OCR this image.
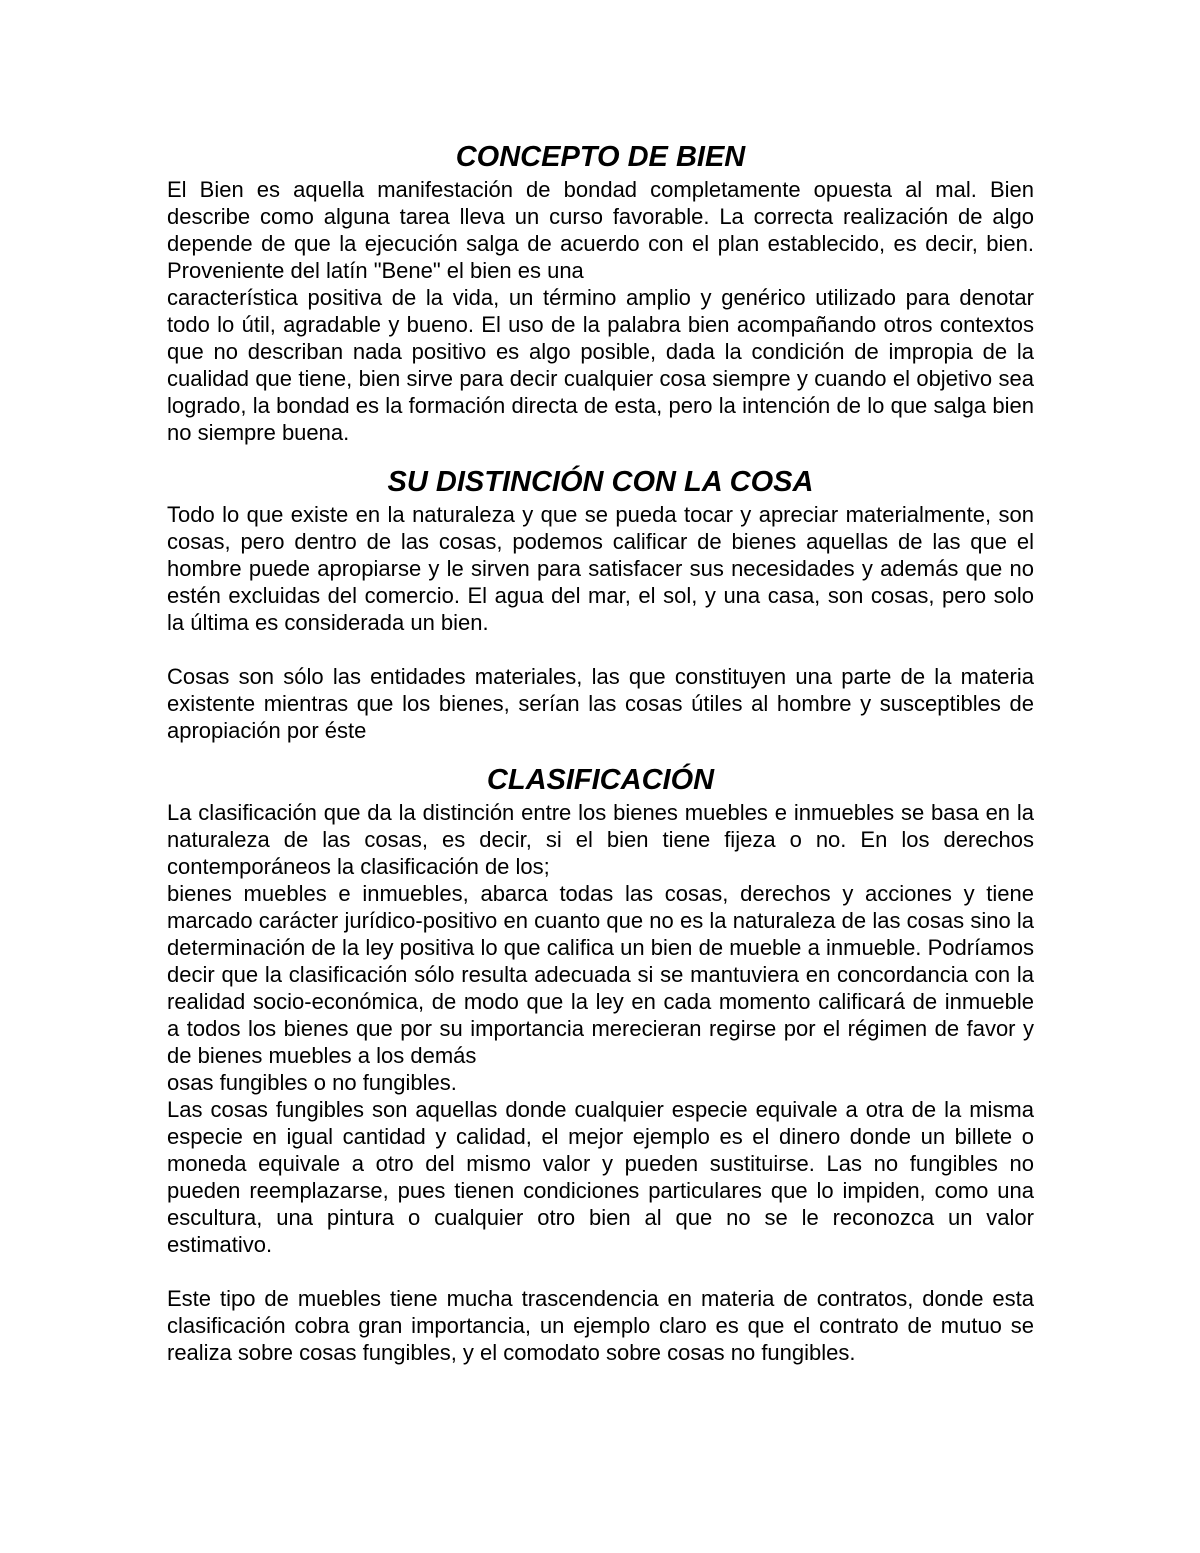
CONCEPTO DE BIEN

El Bien es aquella manifestación de bondad completamente opuesta al mal. Bien describe como alguna tarea lleva un curso favorable. La correcta realización de algo depende de que la ejecución salga de acuerdo con el plan establecido, es decir, bien. Proveniente del latín "Bene" el bien es una

característica positiva de la vida, un término amplio y genérico utilizado para denotar todo lo útil, agradable y bueno. El uso de la palabra bien acompañando otros contextos que no describan nada positivo es algo posible, dada la condición de impropia de la cualidad que tiene, bien sirve para decir cualquier cosa siempre y cuando el objetivo sea logrado, la bondad es la formación directa de esta, pero la intención de lo que salga bien no siempre buena.

SU DISTINCIÓN CON LA COSA

Todo lo que existe en la naturaleza y que se pueda tocar y apreciar materialmente, son cosas, pero dentro de las cosas, podemos calificar de bienes aquellas de las que el hombre puede apropiarse y le sirven para satisfacer sus necesidades y además que no estén excluidas del comercio. El agua del mar, el sol, y una casa, son cosas, pero solo la última es considerada un bien.

Cosas son sólo las entidades materiales, las que constituyen una parte de la materia existente mientras que los bienes, serían las cosas útiles al hombre y susceptibles de apropiación por éste

CLASIFICACIÓN

La clasificación que da la distinción entre los bienes muebles e inmuebles se basa en la naturaleza de las cosas, es decir, si el bien tiene fijeza o no. En los derechos contemporáneos la clasificación de los;

bienes muebles e inmuebles, abarca todas las cosas, derechos y acciones y tiene marcado carácter jurídico-positivo en cuanto que no es la naturaleza de las cosas sino la determinación de la ley positiva lo que califica un bien de mueble a inmueble. Podríamos decir que la clasificación sólo resulta adecuada si se mantuviera en concordancia con la realidad socio-económica, de modo que la ley en cada momento calificará de inmueble a todos los bienes que por su importancia merecieran regirse por el régimen de favor y de bienes muebles a los demás

osas fungibles o no fungibles.

Las cosas fungibles son aquellas donde cualquier especie equivale a otra de la misma especie en igual cantidad y calidad, el mejor ejemplo es el dinero donde un billete o moneda equivale a otro del mismo valor y pueden sustituirse. Las no fungibles no pueden reemplazarse, pues tienen condiciones particulares que lo impiden, como una escultura, una pintura o cualquier otro bien al que no se le reconozca un valor estimativo.

Este tipo de muebles tiene mucha trascendencia en materia de contratos, donde esta clasificación cobra gran importancia, un ejemplo claro es que el contrato de mutuo se realiza sobre cosas fungibles, y el comodato sobre cosas no fungibles.
